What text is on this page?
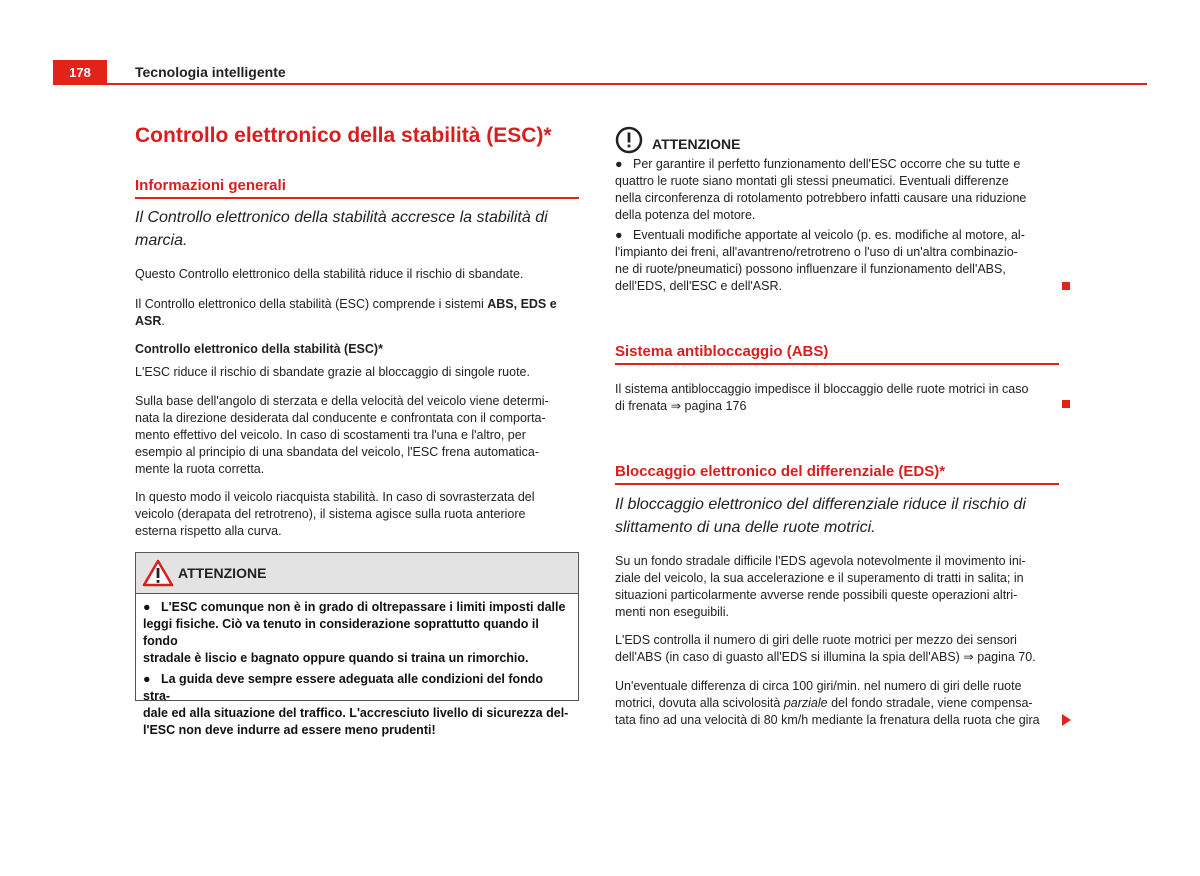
178	Tecnologia intelligente
Controllo elettronico della stabilità (ESC)*
Informazioni generali
Il Controllo elettronico della stabilità accresce la stabilità di marcia.
Questo Controllo elettronico della stabilità riduce il rischio di sbandate.
Il Controllo elettronico della stabilità (ESC) comprende i sistemi ABS, EDS e
ASR.
Controllo elettronico della stabilità (ESC)*
L'ESC riduce il rischio di sbandate grazie al bloccaggio di singole ruote.
Sulla base dell'angolo di sterzata e della velocità del veicolo viene determi-
nata la direzione desiderata dal conducente e confrontata con il comporta-
mento effettivo del veicolo. In caso di scostamenti tra l'una e l'altro, per
esempio al principio di una sbandata del veicolo, l'ESC frena automatica-
mente la ruota corretta.
In questo modo il veicolo riacquista stabilità. In caso di sovrasterzata del
veicolo (derapata del retrotreno), il sistema agisce sulla ruota anteriore
esterna rispetto alla curva.
ATTENZIONE
● L'ESC comunque non è in grado di oltrepassare i limiti imposti dalle
leggi fisiche. Ciò va tenuto in considerazione soprattutto quando il fondo
stradale è liscio e bagnato oppure quando si traina un rimorchio.
● La guida deve sempre essere adeguata alle condizioni del fondo stra-
dale ed alla situazione del traffico. L'accresciuto livello di sicurezza del-
l'ESC non deve indurre ad essere meno prudenti!
ATTENZIONE
● Per garantire il perfetto funzionamento dell'ESC occorre che su tutte e
quattro le ruote siano montati gli stessi pneumatici. Eventuali differenze
nella circonferenza di rotolamento potrebbero infatti causare una riduzione
della potenza del motore.
● Eventuali modifiche apportate al veicolo (p. es. modifiche al motore, al-
l'impianto dei freni, all'avantreno/retrotreno o l'uso di un'altra combinazio-
ne di ruote/pneumatici) possono influenzare il funzionamento dell'ABS,
dell'EDS, dell'ESC e dell'ASR.
Sistema antibloccaggio (ABS)
Il sistema antibloccaggio impedisce il bloccaggio delle ruote motrici in caso
di frenata ⇒ pagina 176
Bloccaggio elettronico del differenziale (EDS)*
Il bloccaggio elettronico del differenziale riduce il rischio di
slittamento di una delle ruote motrici.
Su un fondo stradale difficile l'EDS agevola notevolmente il movimento ini-
ziale del veicolo, la sua accelerazione e il superamento di tratti in salita; in
situazioni particolarmente avverse rende possibili queste operazioni altri-
menti non eseguibili.
L'EDS controlla il numero di giri delle ruote motrici per mezzo dei sensori
dell'ABS (in caso di guasto all'EDS si illumina la spia dell'ABS) ⇒ pagina 70.
Un'eventuale differenza di circa 100 giri/min. nel numero di giri delle ruote
motrici, dovuta alla scivolosità parziale del fondo stradale, viene compensa-
tata fino ad una velocità di 80 km/h mediante la frenatura della ruota che gira
